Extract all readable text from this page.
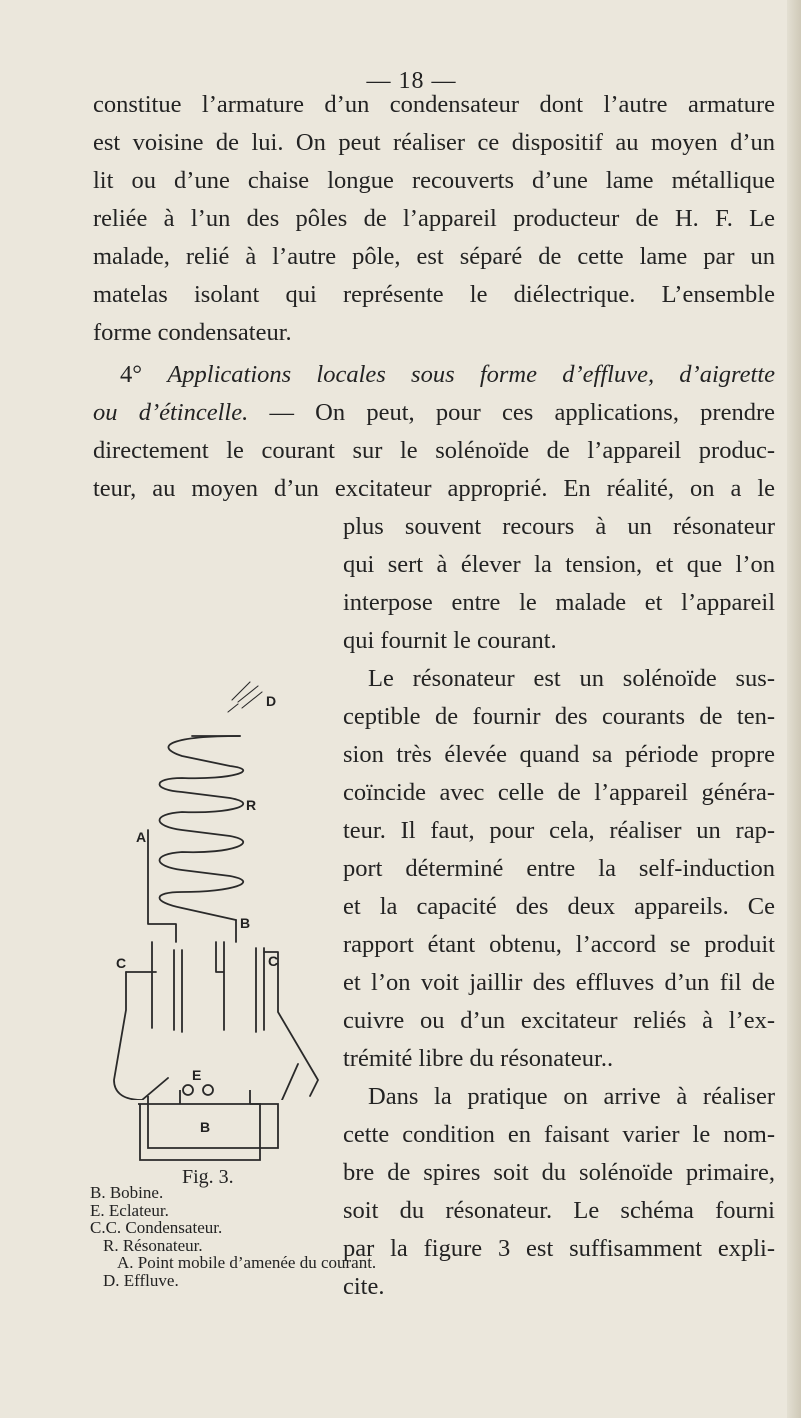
— 18 —
constitue l’armature d’un condensateur dont l’autre armature
est voisine de lui. On peut réaliser ce dispositif au moyen d’un
lit ou d’une chaise longue recouverts d’une lame métallique
reliée à l’un des pôles de l’appareil producteur de H. F. Le
malade, relié à l’autre pôle, est séparé de cette lame par un
matelas isolant qui représente le diélectrique. L’ensemble
forme condensateur.
4° Applications locales sous forme d’effluve, d’aigrette
ou d’étincelle. — On peut, pour ces applications, prendre
directement le courant sur le solénoïde de l’appareil produc-
teur, au moyen d’un excitateur approprié. En réalité, on a le
plus souvent recours à un résonateur
qui sert à élever la tension, et que l’on
interpose entre le malade et l’appareil
qui fournit le courant.
Le résonateur est un solénoïde sus-
ceptible de fournir des courants de ten-
sion très élevée quand sa période propre
coïncide avec celle de l’appareil généra-
teur. Il faut, pour cela, réaliser un rap-
port déterminé entre la self-induction
et la capacité des deux appareils. Ce
rapport étant obtenu, l’accord se produit
et l’on voit jaillir des effluves d’un fil de
cuivre ou d’un excitateur reliés à l’ex-
trémité libre du résonateur..
Dans la pratique on arrive à réaliser
cette condition en faisant varier le nom-
bre de spires soit du solénoïde primaire,
soit du résonateur. Le schéma fourni
par la figure 3 est suffisamment expli-
cite.
D
R
A
B
C	C
E
B
Fig. 3.
B. Bobine.
E. Eclateur.
C.C. Condensateur.
R. Résonateur.
A. Point mobile d’amenée du courant.
D. Effluve.
